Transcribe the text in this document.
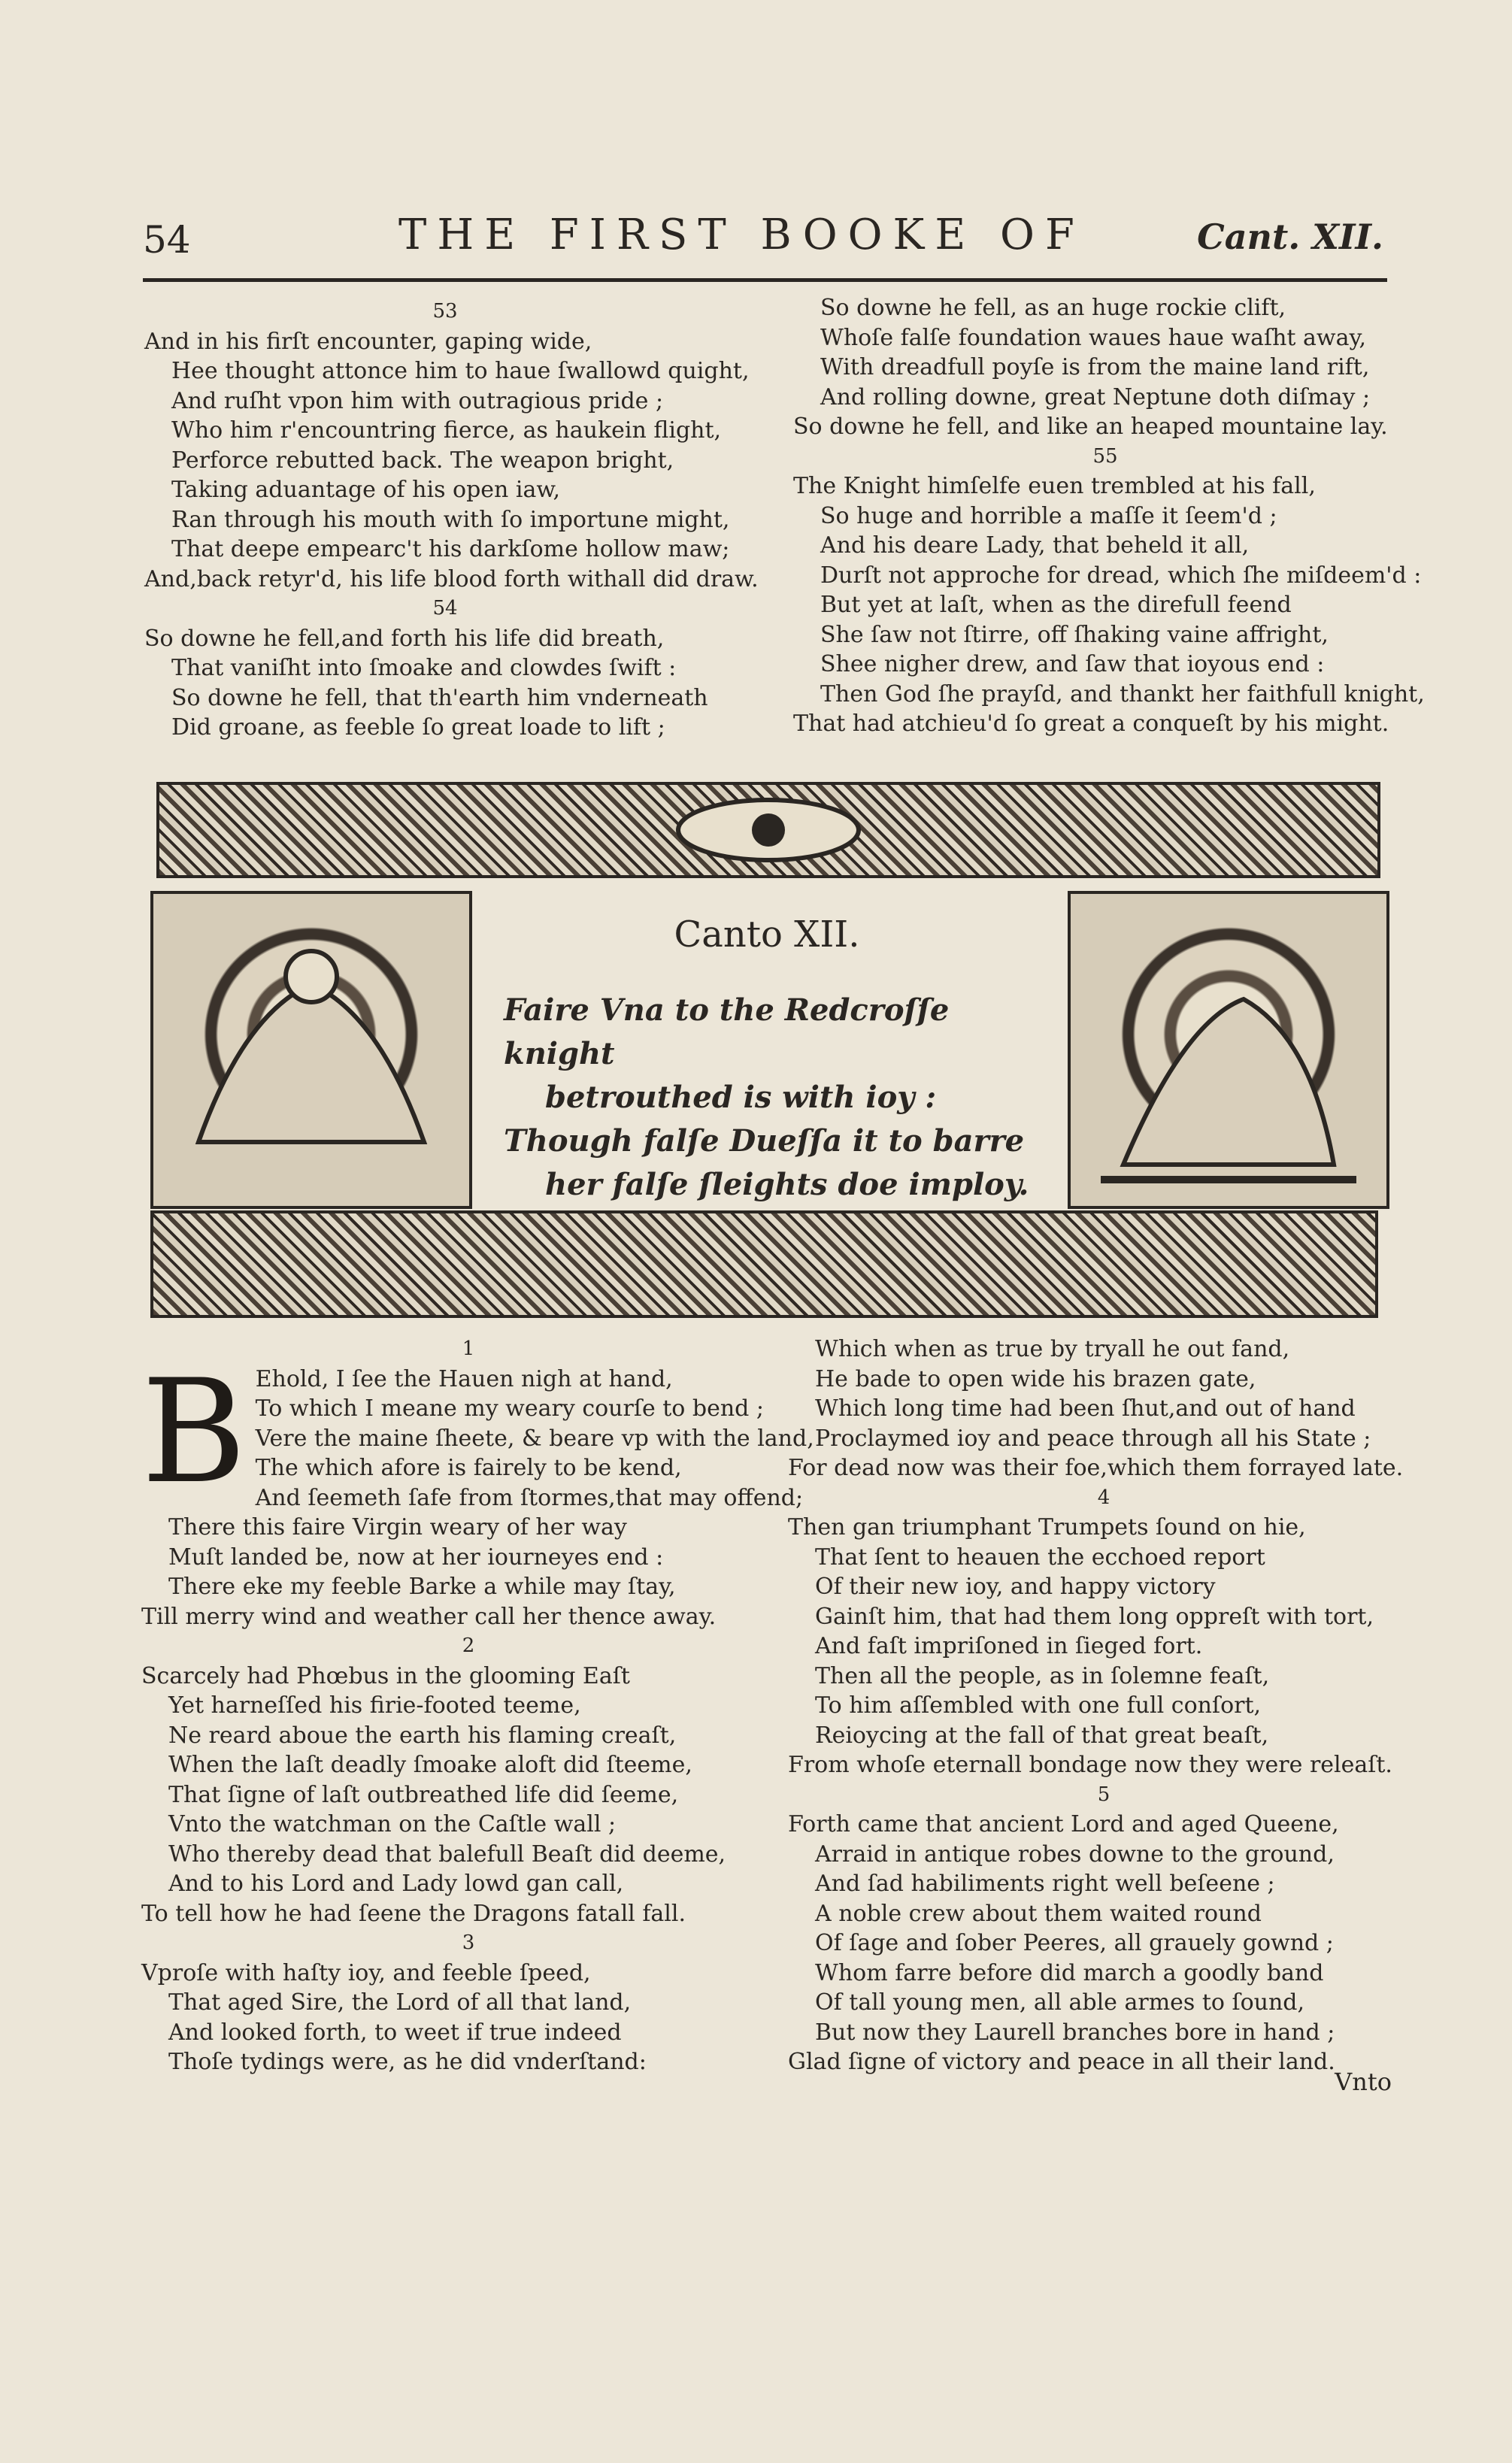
54	THE FIRST BOOKE OF	Cant. XII.
53
And in his firſt encounter, gaping wide,
Hee thought attonce him to haue ſwallowd quight,
And ruſht vpon him with outragious pride ;
Who him r'encountring fierce, as haukein flight,
Perforce rebutted back. The weapon bright,
Taking aduantage of his open iaw,
Ran through his mouth with ſo importune might,
That deepe empearc't his darkſome hollow maw;
And,back retyr'd, his life blood forth withall did draw.
54
So downe he fell,and forth his life did breath,
That vaniſht into ſmoake and clowdes ſwift :
So downe he fell, that th'earth him vnderneath
Did groane, as feeble ſo great loade to lift ;
So downe he fell, as an huge rockie clift,
Whoſe falſe foundation waues haue waſht away,
With dreadfull poyſe is from the maine land rift,
And rolling downe, great Neptune doth diſmay ;
So downe he fell, and like an heaped mountaine lay.
55
The Knight himſelfe euen trembled at his fall,
So huge and horrible a maſſe it ſeem'd ;
And his deare Lady, that beheld it all,
Durſt not approche for dread, which ſhe miſdeem'd :
But yet at laſt, when as the direfull feend
She ſaw not ſtirre, off ſhaking vaine affright,
Shee nigher drew, and ſaw that ioyous end :
Then God ſhe prayſd, and thankt her faithfull knight,
That had atchieu'd ſo great a conqueſt by his might.
Canto XII.
Faire Vna to the Redcroſſe knight
betrouthed is with ioy :
Though falſe Dueſſa it to barre
her falſe ſleights doe imploy.
1
B Ehold, I ſee the Hauen nigh at hand,
To which I meane my weary courſe to bend ;
Vere the maine ſheete, & beare vp with the land,
The which afore is fairely to be kend,
And ſeemeth ſafe from ſtormes,that may offend;
There this faire Virgin weary of her way
Muſt landed be, now at her iourneyes end :
There eke my feeble Barke a while may ſtay,
Till merry wind and weather call her thence away.
2
Scarcely had Phœbus in the glooming Eaſt
Yet harneſſed his firie-footed teeme,
Ne reard aboue the earth his flaming creaſt,
When the laſt deadly ſmoake aloft did ſteeme,
That ſigne of laſt outbreathed life did ſeeme,
Vnto the watchman on the Caſtle wall ;
Who thereby dead that balefull Beaſt did deeme,
And to his Lord and Lady lowd gan call,
To tell how he had ſeene the Dragons fatall fall.
3
Vproſe with haſty ioy, and feeble ſpeed,
That aged Sire, the Lord of all that land,
And looked forth, to weet if true indeed
Thoſe tydings were, as he did vnderſtand:
Which when as true by tryall he out fand,
He bade to open wide his brazen gate,
Which long time had been ſhut,and out of hand
Proclaymed ioy and peace through all his State ;
For dead now was their foe,which them forrayed late.
4
Then gan triumphant Trumpets ſound on hie,
That ſent to heauen the ecchoed report
Of their new ioy, and happy victory
Gainſt him, that had them long oppreſt with tort,
And faſt impriſoned in ſieged fort.
Then all the people, as in ſolemne feaſt,
To him aſſembled with one full conſort,
Reioycing at the fall of that great beaſt,
From whoſe eternall bondage now they were releaſt.
5
Forth came that ancient Lord and aged Queene,
Arraid in antique robes downe to the ground,
And ſad habiliments right well beſeene ;
A noble crew about them waited round
Of ſage and ſober Peeres, all grauely gownd ;
Whom farre before did march a goodly band
Of tall young men, all able armes to ſound,
But now they Laurell branches bore in hand ;
Glad ſigne of victory and peace in all their land.
Vnto
